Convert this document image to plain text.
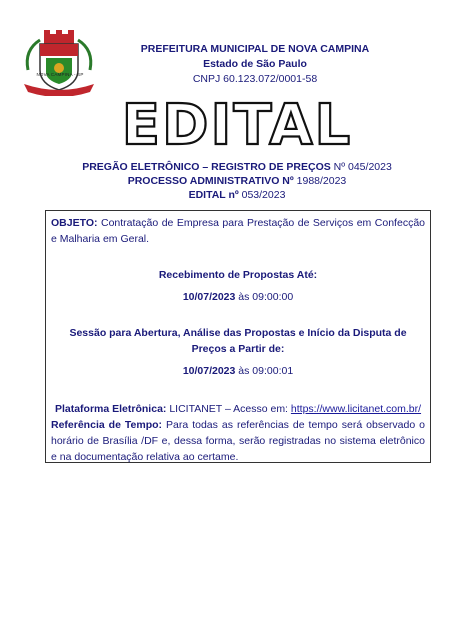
NOVA CAMPINA - SP
PREFEITURA MUNICIPAL DE NOVA CAMPINA
Estado de São Paulo
CNPJ 60.123.072/0001-58
EDITAL
PREGÃO ELETRÔNICO – REGISTRO DE PREÇOS Nº 045/2023
PROCESSO ADMINISTRATIVO Nº 1988/2023
EDITAL nº 053/2023
OBJETO: Contratação de Empresa para Prestação de Serviços em Confecção e Malharia em Geral.
Recebimento de Propostas Até:
10/07/2023 às 09:00:00
Sessão para Abertura, Análise das Propostas e Início da Disputa de Preços a Partir de:
10/07/2023 às 09:00:01
Plataforma Eletrônica: LICITANET – Acesso em: https://www.licitanet.com.br/
Referência de Tempo: Para todas as referências de tempo será observado o horário de Brasília /DF e, dessa forma, serão registradas no sistema eletrônico e na documentação relativa ao certame.
